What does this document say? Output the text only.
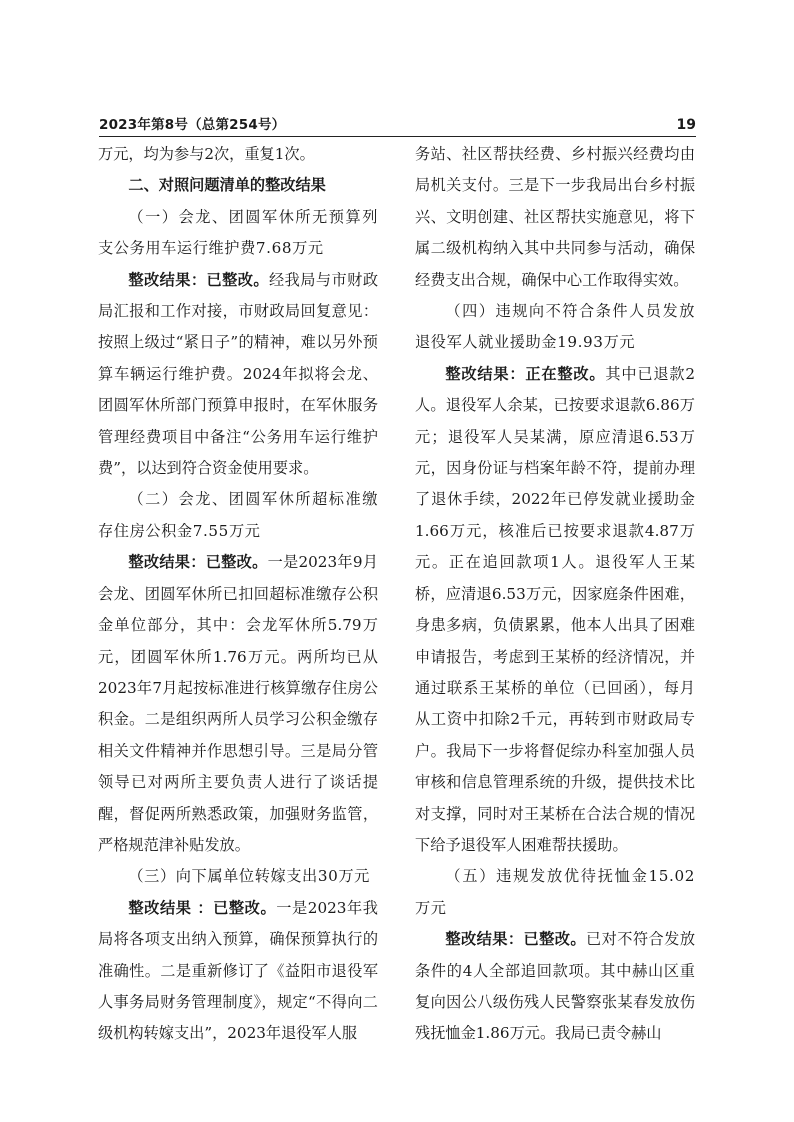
2023年第8号（总第254号）	19

万元，均为参与2次，重复1次。

二、对照问题清单的整改结果

（一）会龙、团圆军休所无预算列支公务用车运行维护费7.68万元

整改结果：已整改。经我局与市财政局汇报和工作对接，市财政局回复意见：按照上级过“紧日子”的精神，难以另外预算车辆运行维护费。2024年拟将会龙、团圆军休所部门预算申报时，在军休服务管理经费项目中备注“公务用车运行维护费”，以达到符合资金使用要求。

（二）会龙、团圆军休所超标准缴存住房公积金7.55万元

整改结果：已整改。一是2023年9月会龙、团圆军休所已扣回超标准缴存公积金单位部分，其中：会龙军休所5.79万元，团圆军休所1.76万元。两所均已从2023年7月起按标准进行核算缴存住房公积金。二是组织两所人员学习公积金缴存相关文件精神并作思想引导。三是局分管领导已对两所主要负责人进行了谈话提醒，督促两所熟悉政策，加强财务监管，严格规范津补贴发放。

（三）向下属单位转嫁支出30万元

整改结果 ：已整改。一是2023年我局将各项支出纳入预算，确保预算执行的准确性。二是重新修订了《益阳市退役军人事务局财务管理制度》，规定“不得向二级机构转嫁支出”，2023年退役军人服

务站、社区帮扶经费、乡村振兴经费均由局机关支付。三是下一步我局出台乡村振兴、文明创建、社区帮扶实施意见，将下属二级机构纳入其中共同参与活动，确保经费支出合规，确保中心工作取得实效。

（四）违规向不符合条件人员发放退役军人就业援助金19.93万元

整改结果：正在整改。其中已退款2人。退役军人余某，已按要求退款6.86万元；退役军人吴某满，原应清退6.53万元，因身份证与档案年龄不符，提前办理了退休手续，2022年已停发就业援助金1.66万元，核准后已按要求退款4.87万元。正在追回款项1人。退役军人王某桥，应清退6.53万元，因家庭条件困难，身患多病，负债累累，他本人出具了困难申请报告，考虑到王某桥的经济情况，并通过联系王某桥的单位（已回函），每月从工资中扣除2千元，再转到市财政局专户。我局下一步将督促综办科室加强人员审核和信息管理系统的升级，提供技术比对支撑，同时对王某桥在合法合规的情况下给予退役军人困难帮扶援助。

（五）违规发放优待抚恤金15.02万元

整改结果：已整改。已对不符合发放条件的4人全部追回款项。其中赫山区重复向因公八级伤残人民警察张某春发放伤残抚恤金1.86万元。我局已责令赫山
